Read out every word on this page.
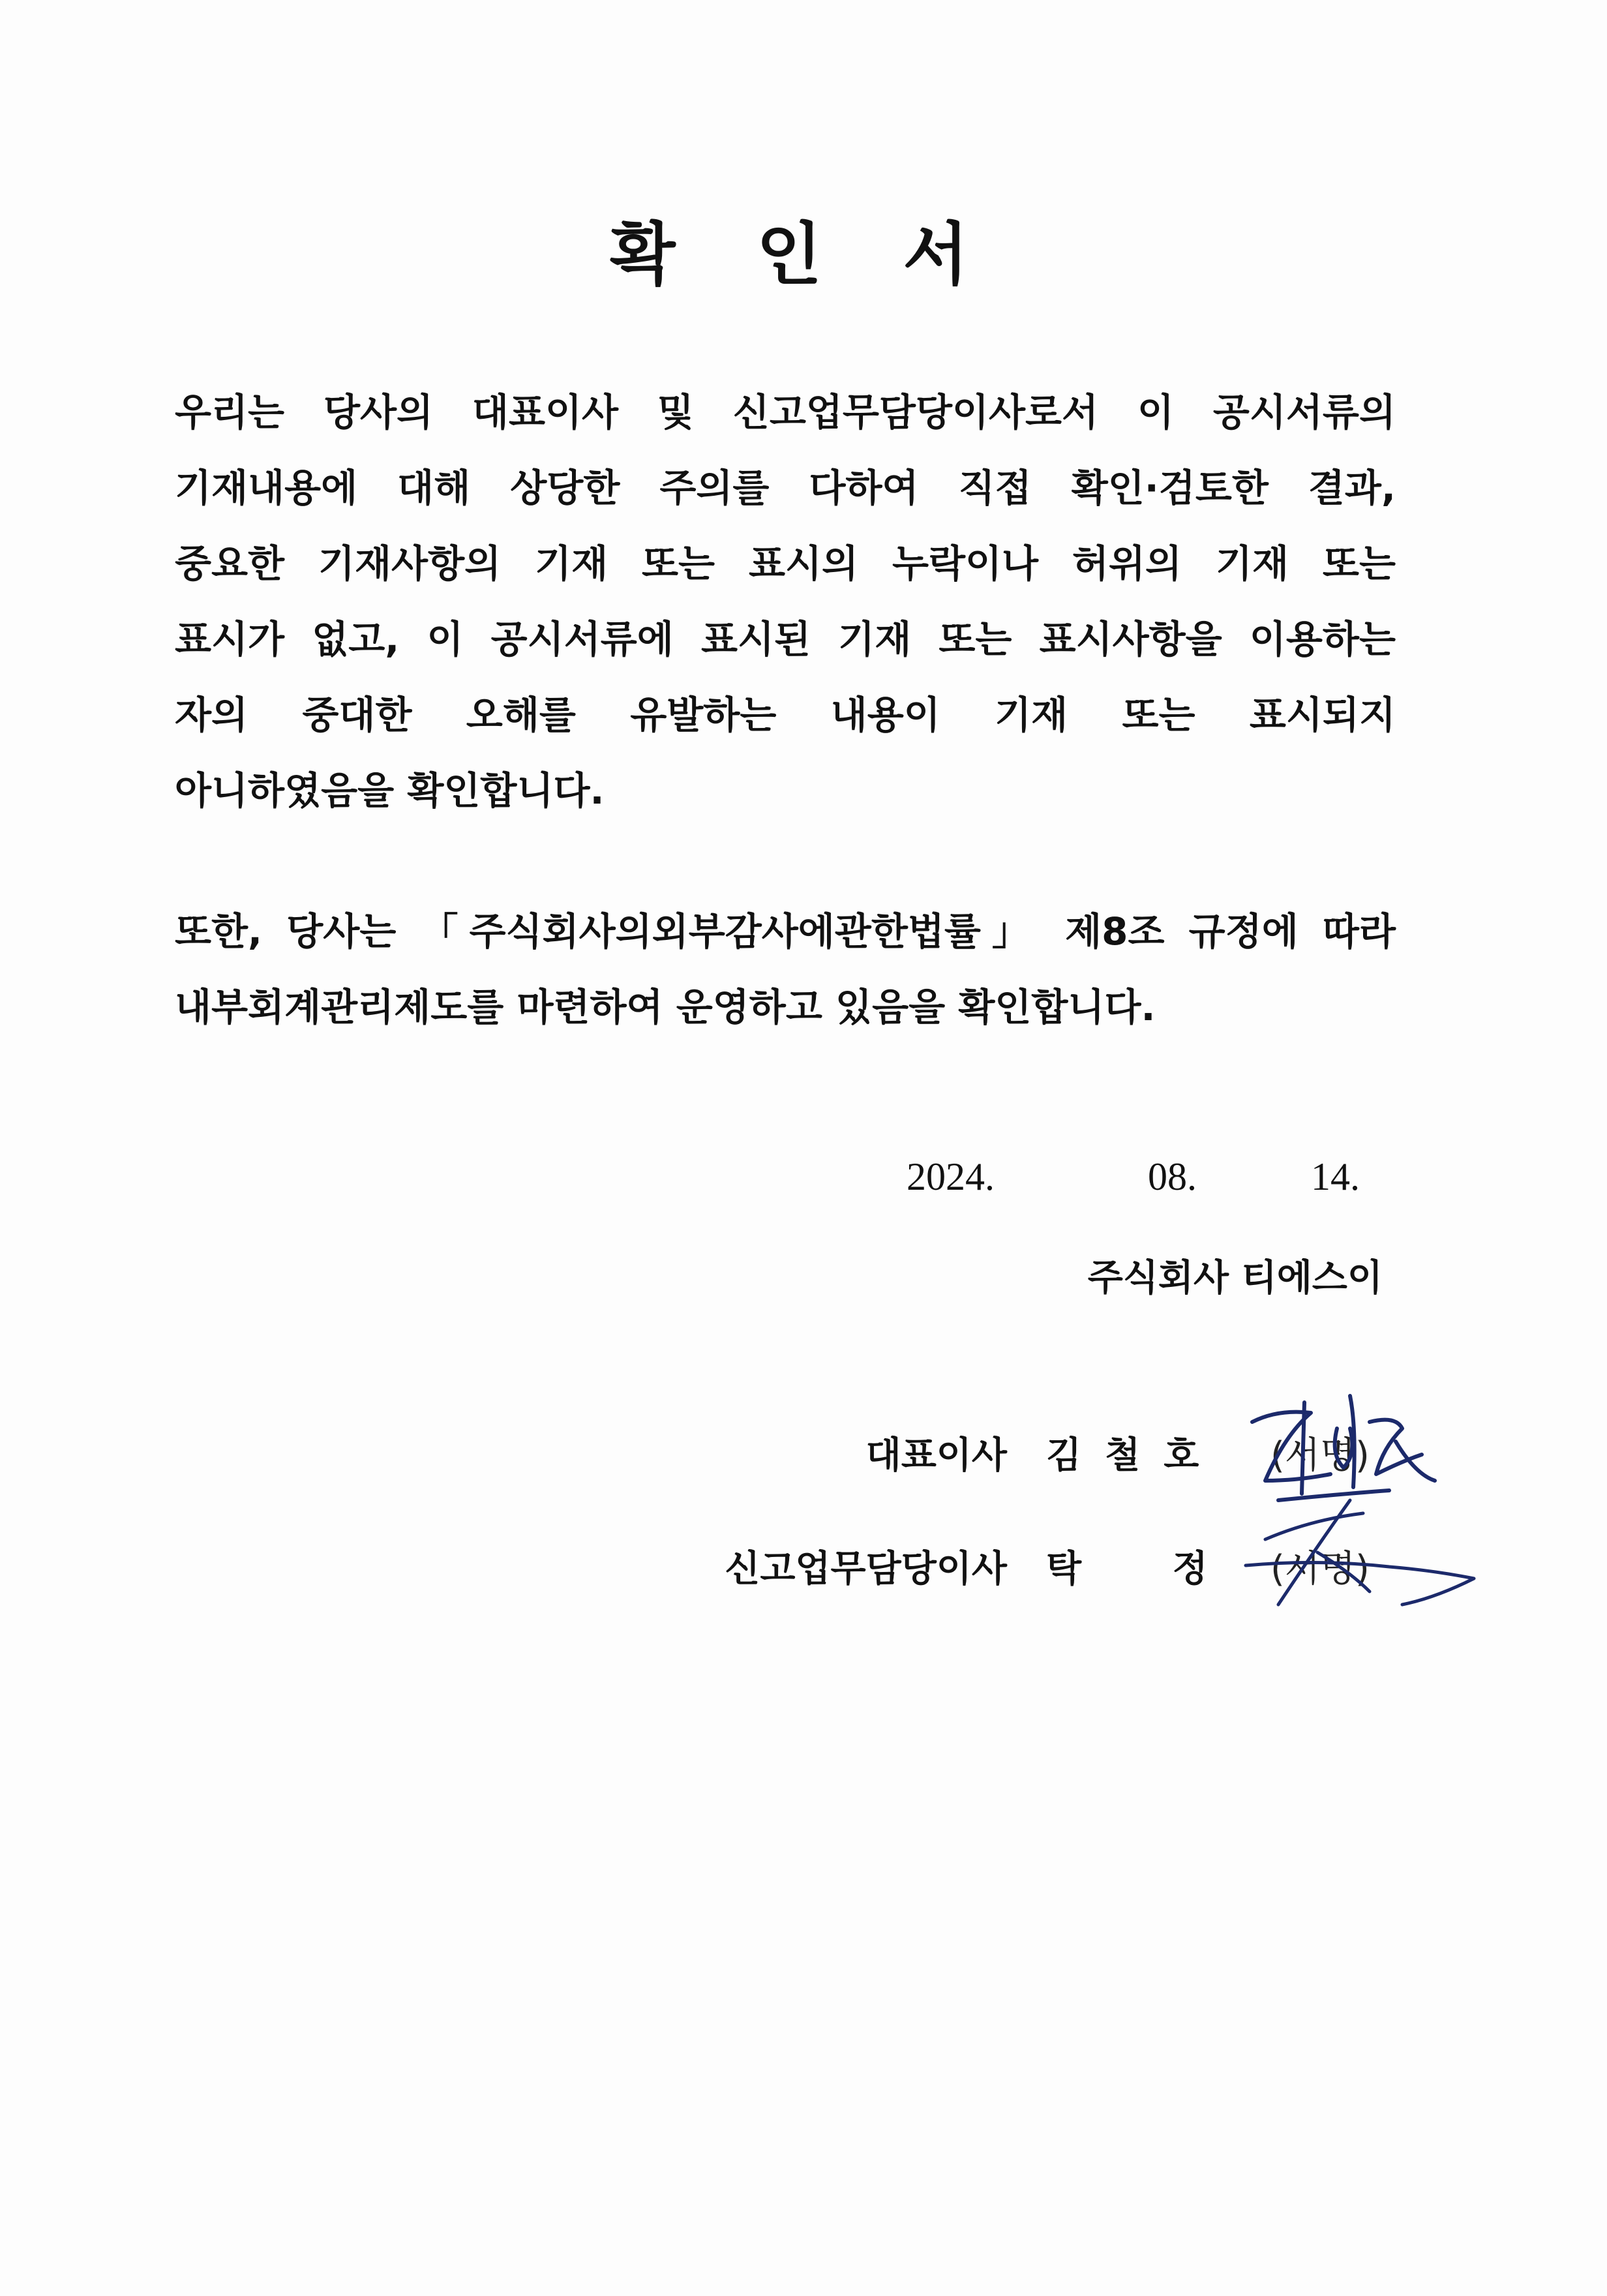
확 인 서
우리는 당사의 대표이사 및 신고업무담당이사로서 이 공시서류의
기재내용에 대해 상당한 주의를 다하여 직접 확인·검토한 결과,
중요한 기재사항의 기재 또는 표시의 누락이나 허위의 기재 또는
표시가 없고, 이 공시서류에 표시된 기재 또는 표시사항을 이용하는
자의 중대한 오해를 유발하는 내용이 기재 또는 표시되지
아니하였음을 확인합니다.
또한, 당사는 「주식회사의외부감사에관한법률」 제8조 규정에 따라
내부회계관리제도를 마련하여 운영하고 있음을 확인합니다.
2024.	08.	14.
주식회사 티에스이
대표이사 김철호 (서명)
신고업무담당이사 탁 정 (서명)
